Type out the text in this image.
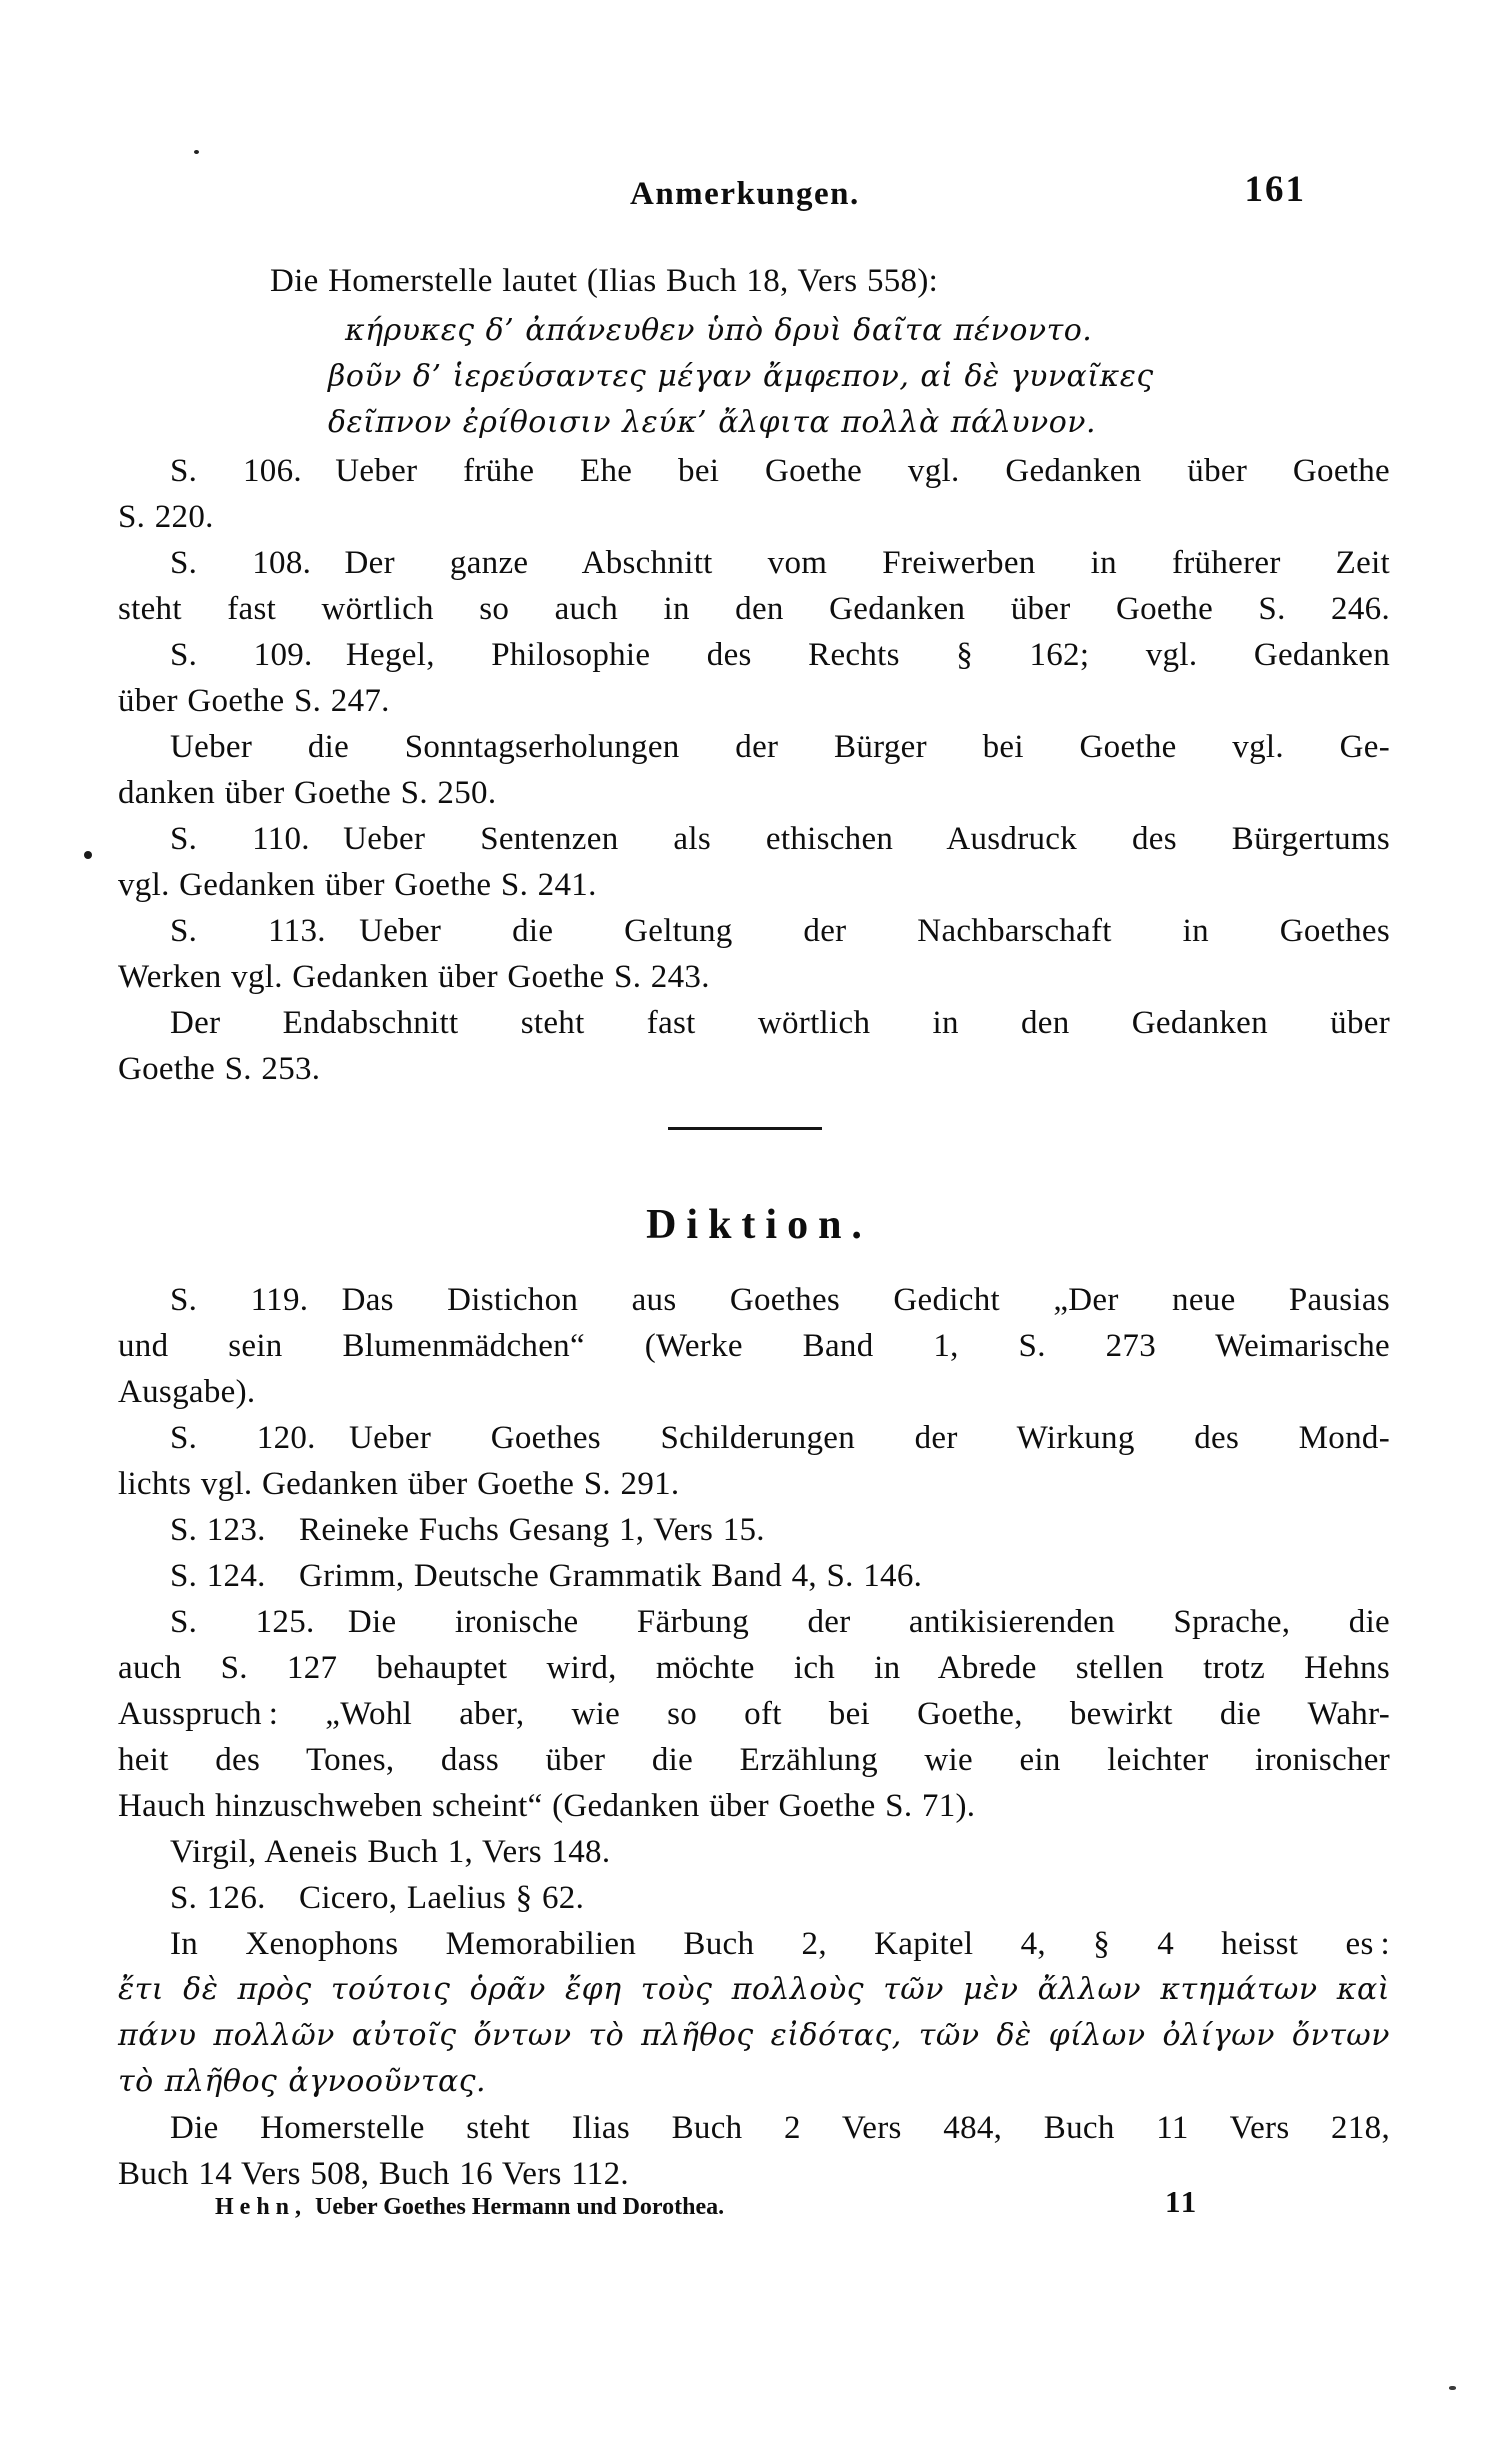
Anmerkungen.	161
Die Homerstelle lautet (Ilias Buch 18, Vers 558):
κήρυκες δ’ ἀπάνευθεν ὑπὸ δρυὶ δαῖτα πένοντο.
βοῦν δ’ ἱερεύσαντες μέγαν ἄμφεπον, αἱ δὲ γυναῖκες
δεῖπνον ἐρίθοισιν λεύκ’ ἄλφιτα πολλὰ πάλυνον.
S. 106. Ueber frühe Ehe bei Goethe vgl. Gedanken über Goethe
S. 220.
S. 108. Der ganze Abschnitt vom Freiwerben in früherer Zeit
steht fast wörtlich so auch in den Gedanken über Goethe S. 246.
S. 109. Hegel, Philosophie des Rechts § 162; vgl. Gedanken
über Goethe S. 247.
Ueber die Sonntagserholungen der Bürger bei Goethe vgl. Ge-
danken über Goethe S. 250.
S. 110. Ueber Sentenzen als ethischen Ausdruck des Bürgertums
vgl. Gedanken über Goethe S. 241.
S. 113. Ueber die Geltung der Nachbarschaft in Goethes
Werken vgl. Gedanken über Goethe S. 243.
Der Endabschnitt steht fast wörtlich in den Gedanken über
Goethe S. 253.
Diktion.
S. 119. Das Distichon aus Goethes Gedicht „Der neue Pausias
und sein Blumenmädchen“ (Werke Band 1, S. 273 Weimarische
Ausgabe).
S. 120. Ueber Goethes Schilderungen der Wirkung des Mond-
lichts vgl. Gedanken über Goethe S. 291.
S. 123. Reineke Fuchs Gesang 1, Vers 15.
S. 124. Grimm, Deutsche Grammatik Band 4, S. 146.
S. 125. Die ironische Färbung der antikisierenden Sprache, die
auch S. 127 behauptet wird, möchte ich in Abrede stellen trotz Hehns
Ausspruch : „Wohl aber, wie so oft bei Goethe, bewirkt die Wahr-
heit des Tones, dass über die Erzählung wie ein leichter ironischer
Hauch hinzuschweben scheint“ (Gedanken über Goethe S. 71).
Virgil, Aeneis Buch 1, Vers 148.
S. 126. Cicero, Laelius § 62.
In Xenophons Memorabilien Buch 2, Kapitel 4, § 4 heisst es :
ἔτι δὲ πρὸς τούτοις ὁρᾶν ἔφη τοὺς πολλοὺς τῶν μὲν ἄλλων κτημάτων καὶ
πάνυ πολλῶν αὐτοῖς ὄντων τὸ πλῆθος εἰδότας, τῶν δὲ φίλων ὀλίγων ὄντων
τὸ πλῆθος ἀγνοοῦντας.
Die Homerstelle steht Ilias Buch 2 Vers 484, Buch 11 Vers 218,
Buch 14 Vers 508, Buch 16 Vers 112.
Hehn, Ueber Goethes Hermann und Dorothea.	11
